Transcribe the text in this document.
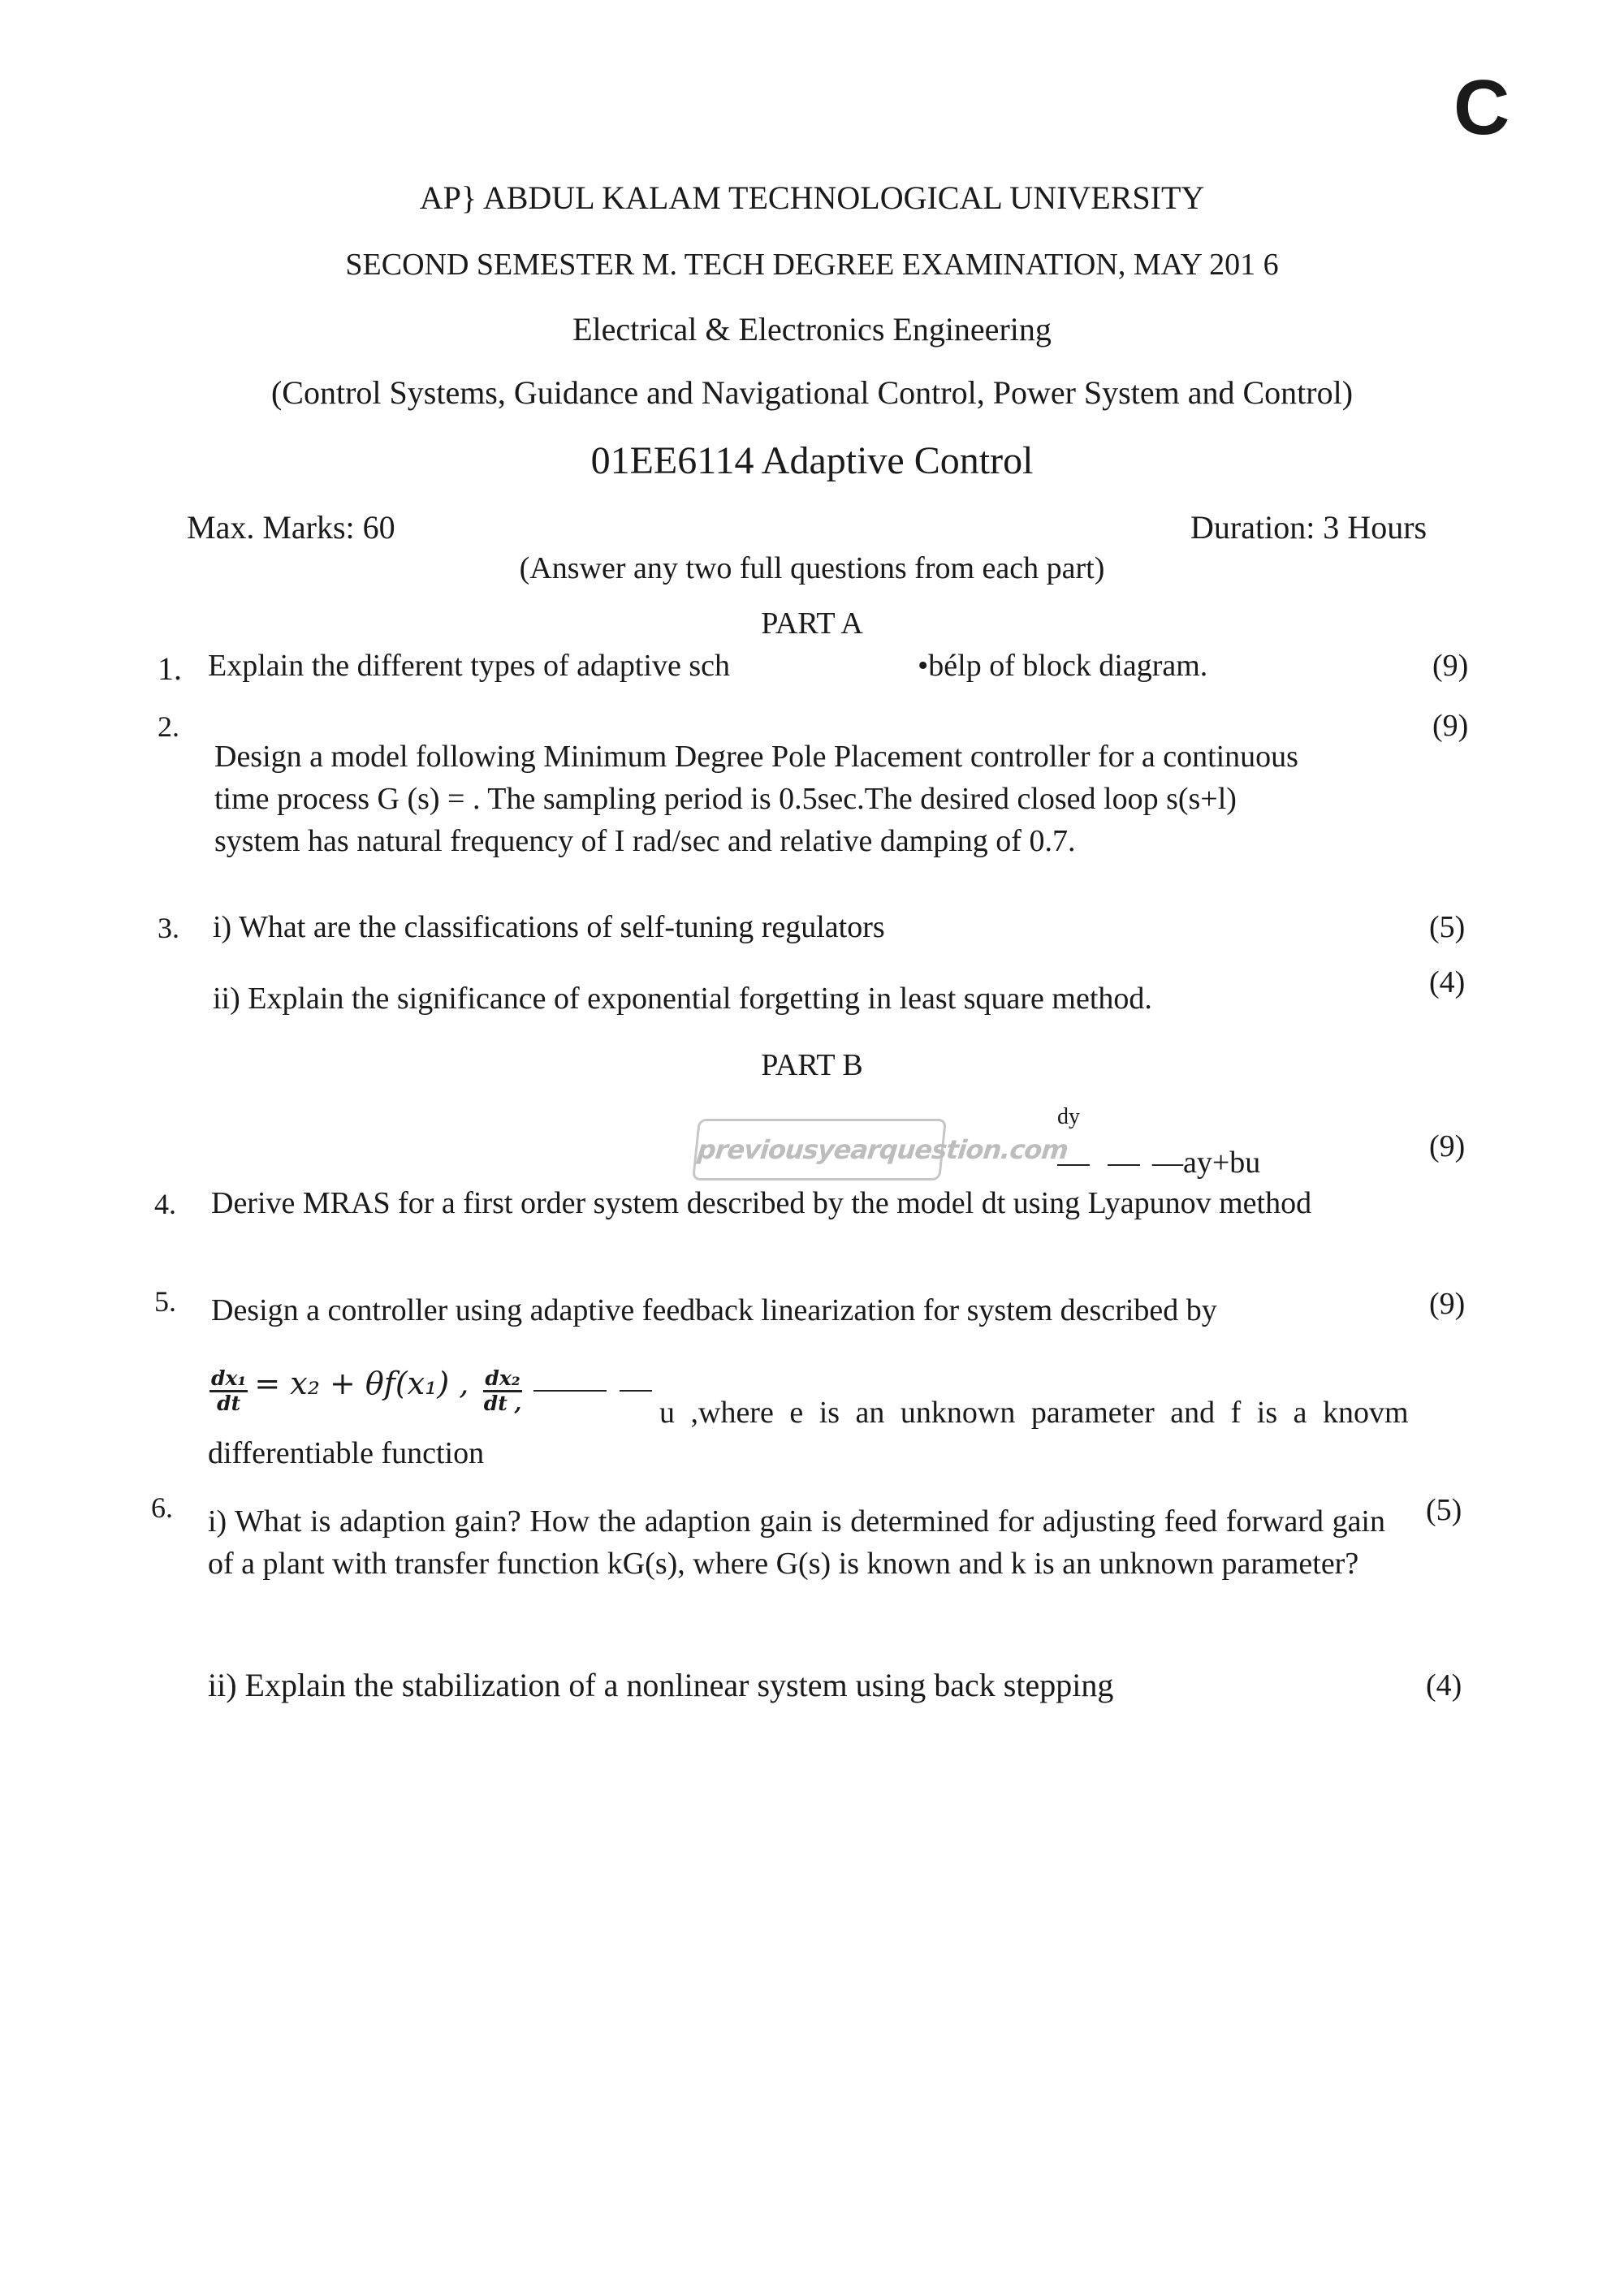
C
AP} ABDUL KALAM TECHNOLOGICAL UNIVERSITY
SECOND SEMESTER M. TECH DEGREE EXAMINATION, MAY 201 6
Electrical & Electronics Engineering
(Control Systems, Guidance and Navigational Control, Power System and Control)
01EE6114 Adaptive Control
Max. Marks: 60	Duration: 3 Hours
(Answer any two full questions from each part)
PART A
1. Explain the different types of adaptive sch	•bélp of block diagram.	(9)
2.	(9)
Design a model following Minimum Degree Pole Placement controller for a continuous
time process G (s) = . The sampling period is 0.5sec.The desired closed loop s(s+l)
system has natural frequency of I rad/sec and relative damping of 0.7.
3. i) What are the classifications of self-tuning regulators	(5)
(4)
ii) Explain the significance of exponential forgetting in least square method.
PART B
dy
previousyearquestion.com	(9)
—ay+bu
4. Derive MRAS for a first order system described by the model dt using Lyapunov method
5.	(9)
Design a controller using adaptive feedback linearization for system described by
$\frac{\text{dx₁}}{dt} = x_2 + \theta f(x_1)$ , $\frac{\text{dx₂}}{dt ,}$
	u ,where e is an unknown parameter and f is a knovm
differentiable function
6.	(5)
i) What is adaption gain? How the adaption gain is determined for adjusting feed forward gain of a plant with transfer function kG(s), where G(s) is known and k is an unknown parameter?
(4)
ii) Explain the stabilization of a nonlinear system using back stepping
